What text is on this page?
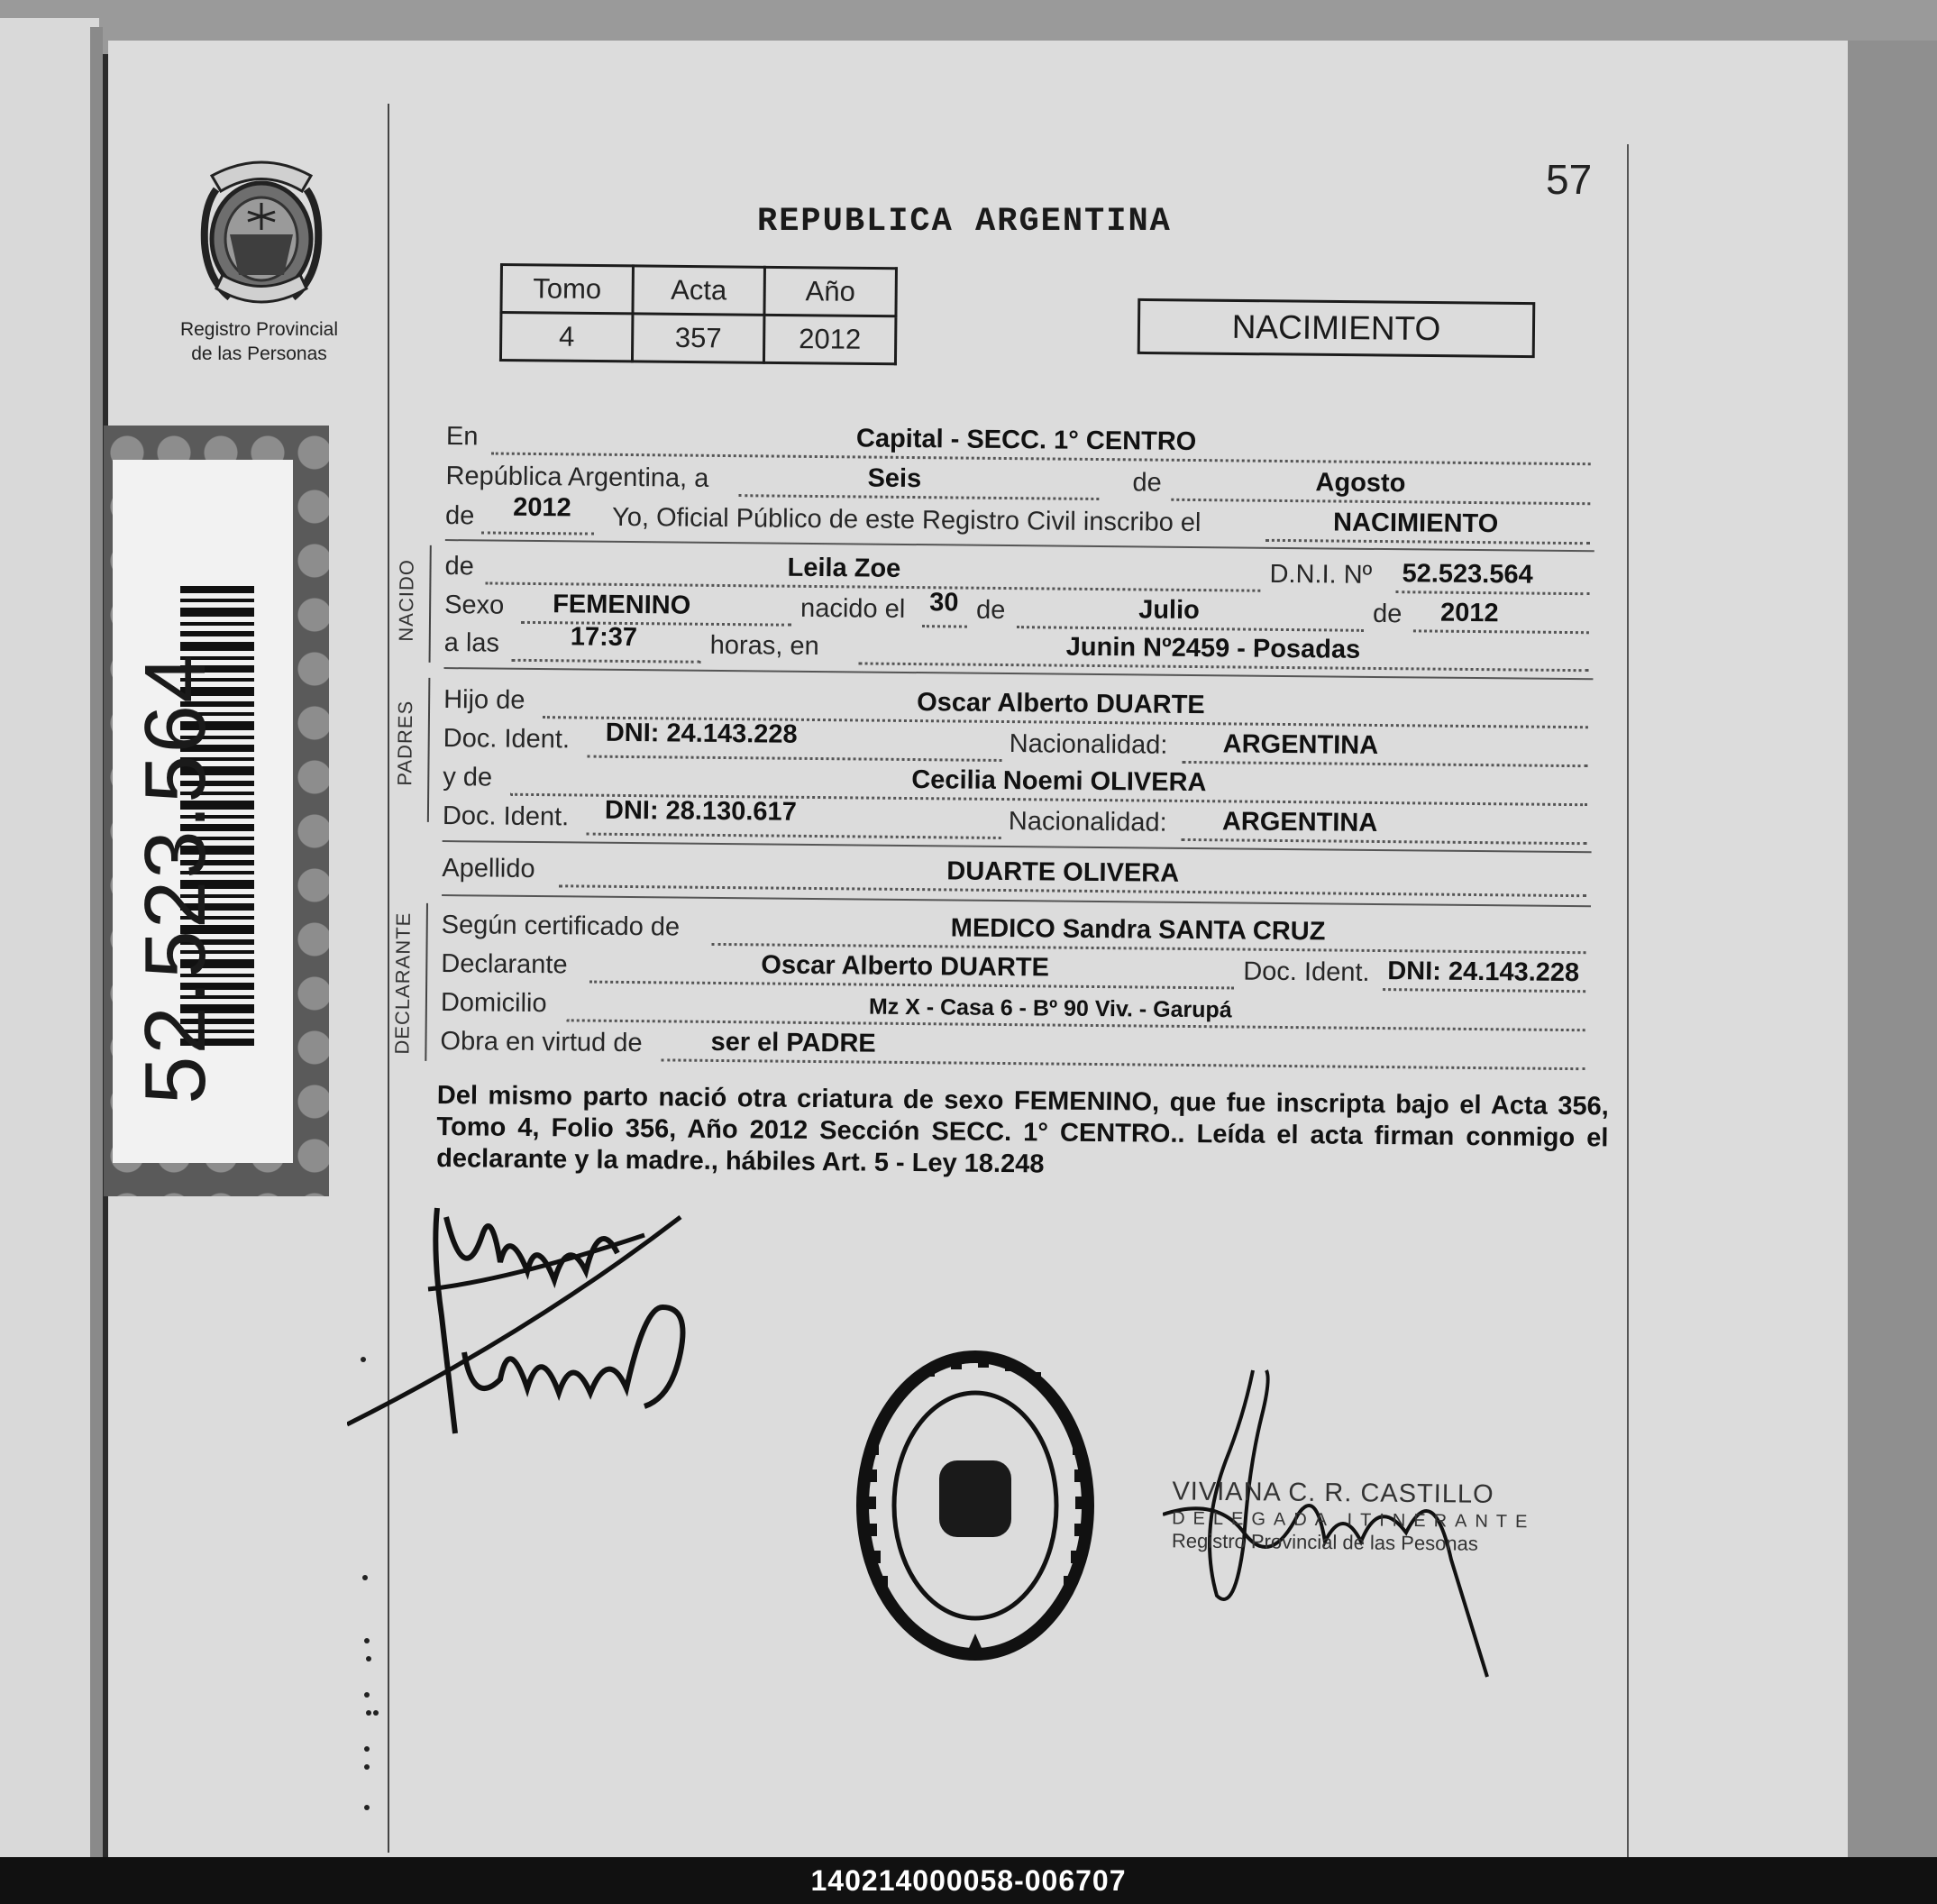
Registro Provincial
de las Personas
52.523.564
57
REPUBLICA ARGENTINA
Tomo	Acta	Año
4	357	2012	NACIMIENTO
En	Capital - SECC. 1° CENTRO
República Argentina, a	Seis	de	Agosto
de 2012 Yo, Oficial Público de este Registro Civil inscribo el	NACIMIENTO
NACIDO de	Leila Zoe	D.N.I. Nº 52.523.564
Sexo FEMENINO	nacido el 30 de	Julio	de 2012
a las	17:37	horas, en	Junin Nº2459 - Posadas
PADRES
Hijo de	Oscar Alberto DUARTE
Doc. Ident. DNI: 24.143.228	Nacionalidad: ARGENTINA
y de	Cecilia Noemi OLIVERA
Doc. Ident. DNI: 28.130.617	Nacionalidad: ARGENTINA
Apellido	DUARTE OLIVERA
DECLARANTE Según certificado de	MEDICO Sandra SANTA CRUZ
Declarante	Oscar Alberto DUARTE	Doc. Ident. DNI: 24.143.228
Domicilio	Mz X - Casa 6 - Bº 90 Viv. - Garupá
Obra en virtud de	ser el PADRE
Del mismo parto nació otra criatura de sexo FEMENINO, que fue inscripta bajo el Acta 356, Tomo 4, Folio 356, Año 2012 Sección SECC. 1° CENTRO.. Leída el acta firman conmigo el declarante y la madre., hábiles Art. 5 - Ley 18.248
VIVIANA C. R. CASTILLO
DELEGADA ITINERANTE
Registro Provincial de las Pesonas
140214000058-006707
